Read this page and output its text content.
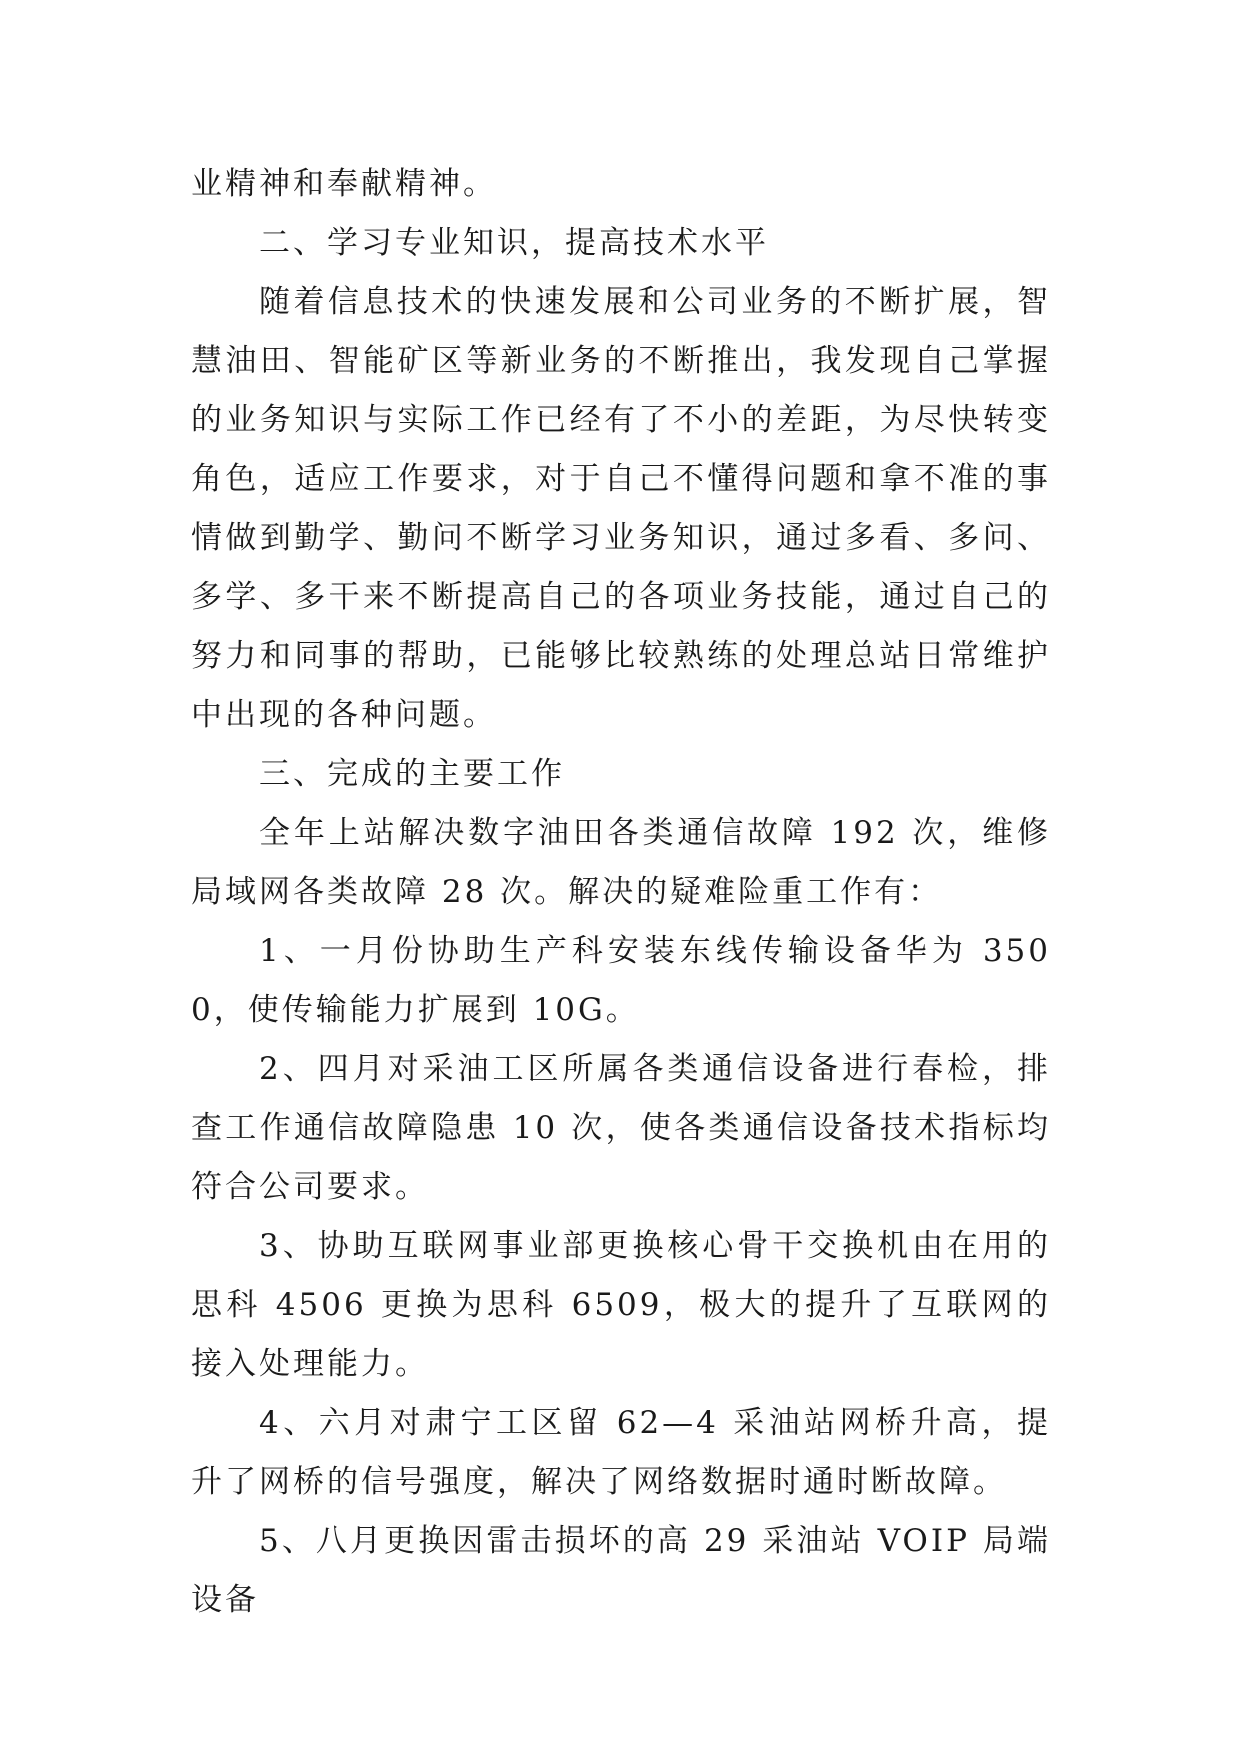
业精神和奉献精神。

二、学习专业知识，提高技术水平

随着信息技术的快速发展和公司业务的不断扩展，智慧油田、智能矿区等新业务的不断推出，我发现自己掌握的业务知识与实际工作已经有了不小的差距，为尽快转变角色，适应工作要求，对于自己不懂得问题和拿不准的事情做到勤学、勤问不断学习业务知识，通过多看、多问、多学、多干来不断提高自己的各项业务技能，通过自己的努力和同事的帮助，已能够比较熟练的处理总站日常维护中出现的各种问题。

三、完成的主要工作

全年上站解决数字油田各类通信故障 192 次，维修局域网各类故障 28 次。解决的疑难险重工作有：

1、一月份协助生产科安装东线传输设备华为 3500，使传输能力扩展到 10G。

2、四月对采油工区所属各类通信设备进行春检，排查工作通信故障隐患 10 次，使各类通信设备技术指标均符合公司要求。

3、协助互联网事业部更换核心骨干交换机由在用的思科 4506 更换为思科 6509，极大的提升了互联网的接入处理能力。

4、六月对肃宁工区留 62—4 采油站网桥升高，提升了网桥的信号强度，解决了网络数据时通时断故障。

5、八月更换因雷击损坏的高 29 采油站 VOIP 局端设备
